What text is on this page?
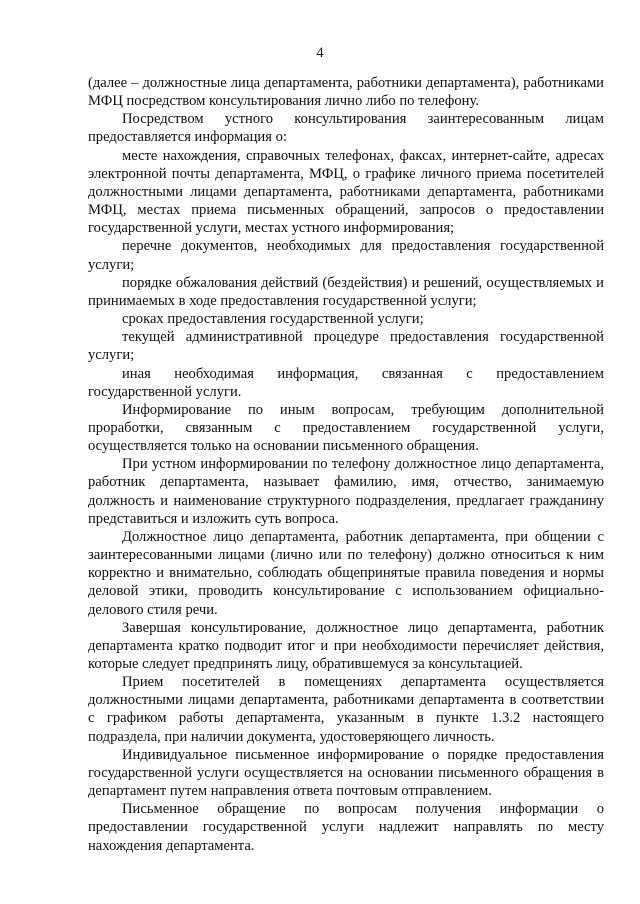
4

(далее – должностные лица департамента, работники департамента), работниками МФЦ посредством консультирования лично либо по телефону.

Посредством устного консультирования заинтересованным лицам предоставляется информация о:

месте нахождения, справочных телефонах, факсах, интернет-сайте, адресах электронной почты департамента, МФЦ, о графике личного приема посетителей должностными лицами департамента, работниками департамента, работниками МФЦ, местах приема письменных обращений, запросов о предоставлении государственной услуги, местах устного информирования;

перечне документов, необходимых для предоставления государственной услуги;

порядке обжалования действий (бездействия) и решений, осуществляемых и принимаемых в ходе предоставления государственной услуги;

сроках предоставления государственной услуги;

текущей административной процедуре предоставления государственной услуги;

иная необходимая информация, связанная с предоставлением государственной услуги.

Информирование по иным вопросам, требующим дополнительной проработки, связанным с предоставлением государственной услуги, осуществляется только на основании письменного обращения.

При устном информировании по телефону должностное лицо департамента, работник департамента, называет фамилию, имя, отчество, занимаемую должность и наименование структурного подразделения, предлагает гражданину представиться и изложить суть вопроса.

Должностное лицо департамента, работник департамента, при общении с заинтересованными лицами (лично или по телефону) должно относиться к ним корректно и внимательно, соблюдать общепринятые правила поведения и нормы деловой этики, проводить консультирование с использованием официально-делового стиля речи.

Завершая консультирование, должностное лицо департамента, работник департамента кратко подводит итог и при необходимости перечисляет действия, которые следует предпринять лицу, обратившемуся за консультацией.

Прием посетителей в помещениях департамента осуществляется должностными лицами департамента, работниками департамента в соответствии с графиком работы департамента, указанным в пункте 1.3.2 настоящего подраздела, при наличии документа, удостоверяющего личность.

Индивидуальное письменное информирование о порядке предоставления государственной услуги осуществляется на основании письменного обращения в департамент путем направления ответа почтовым отправлением.

Письменное обращение по вопросам получения информации о предоставлении государственной услуги надлежит направлять по месту нахождения департамента.
